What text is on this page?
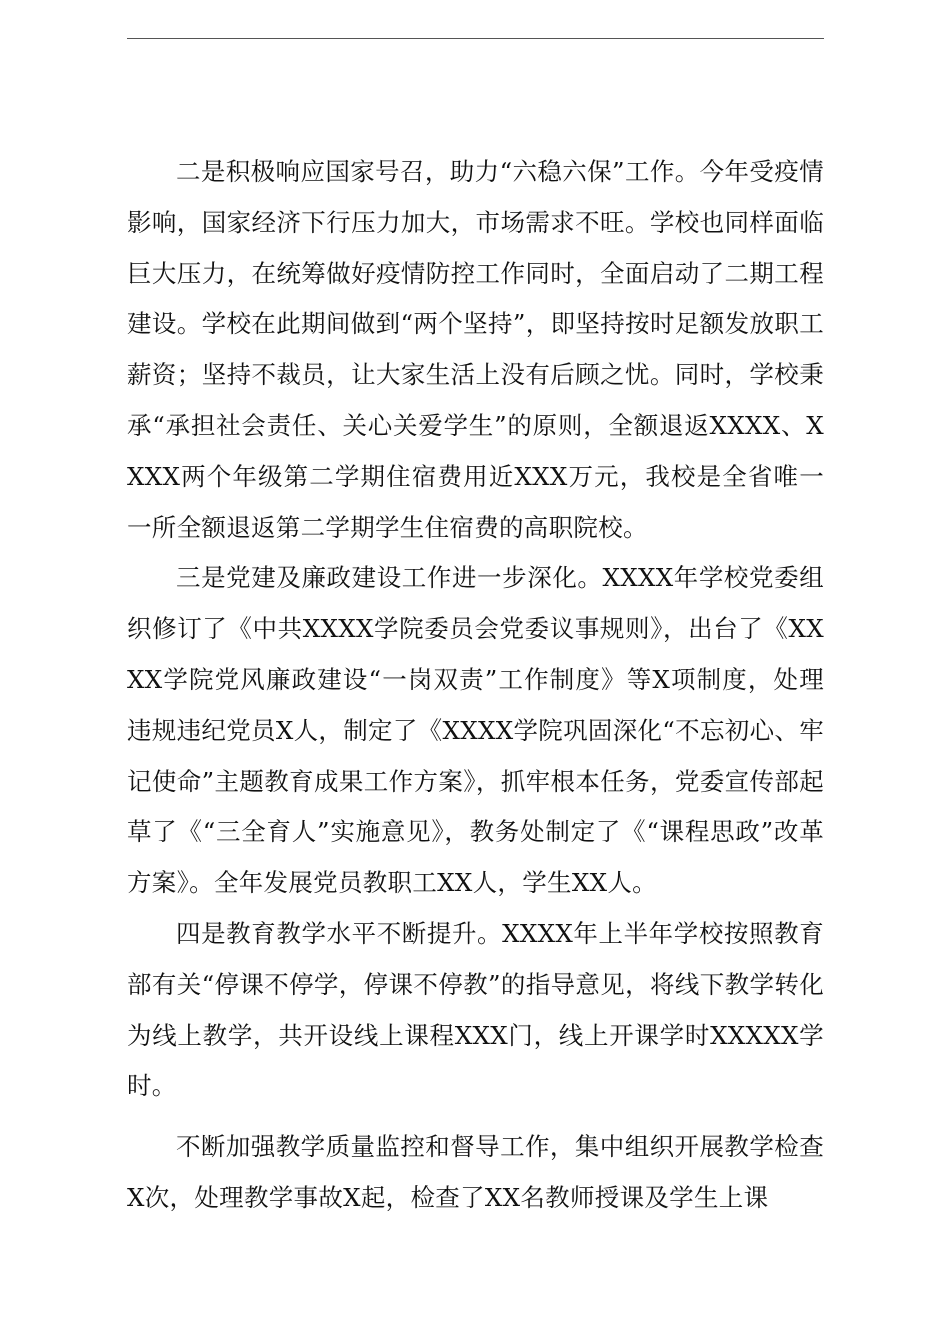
二是积极响应国家号召，助力“六稳六保”工作。今年受疫情影响，国家经济下行压力加大，市场需求不旺。学校也同样面临巨大压力，在统筹做好疫情防控工作同时，全面启动了二期工程建设。学校在此期间做到“两个坚持”，即坚持按时足额发放职工薪资；坚持不裁员，让大家生活上没有后顾之忧。同时，学校秉承“承担社会责任、关心关爱学生”的原则，全额退返XXXX、XXXX两个年级第二学期住宿费用近XXX万元，我校是全省唯一一所全额退返第二学期学生住宿费的高职院校。

三是党建及廉政建设工作进一步深化。XXXX年学校党委组织修订了《中共XXXX学院委员会党委议事规则》，出台了《XXXX学院党风廉政建设“一岗双责”工作制度》等X项制度，处理违规违纪党员X人，制定了《XXXX学院巩固深化“不忘初心、牢记使命”主题教育成果工作方案》，抓牢根本任务，党委宣传部起草了《“三全育人”实施意见》，教务处制定了《“课程思政”改革方案》。全年发展党员教职工XX人，学生XX人。

四是教育教学水平不断提升。XXXX年上半年学校按照教育部有关“停课不停学，停课不停教”的指导意见，将线下教学转化为线上教学，共开设线上课程XXX门，线上开课学时XXXXX学时。

不断加强教学质量监控和督导工作，集中组织开展教学检查X次，处理教学事故X起，检查了XX名教师授课及学生上课
